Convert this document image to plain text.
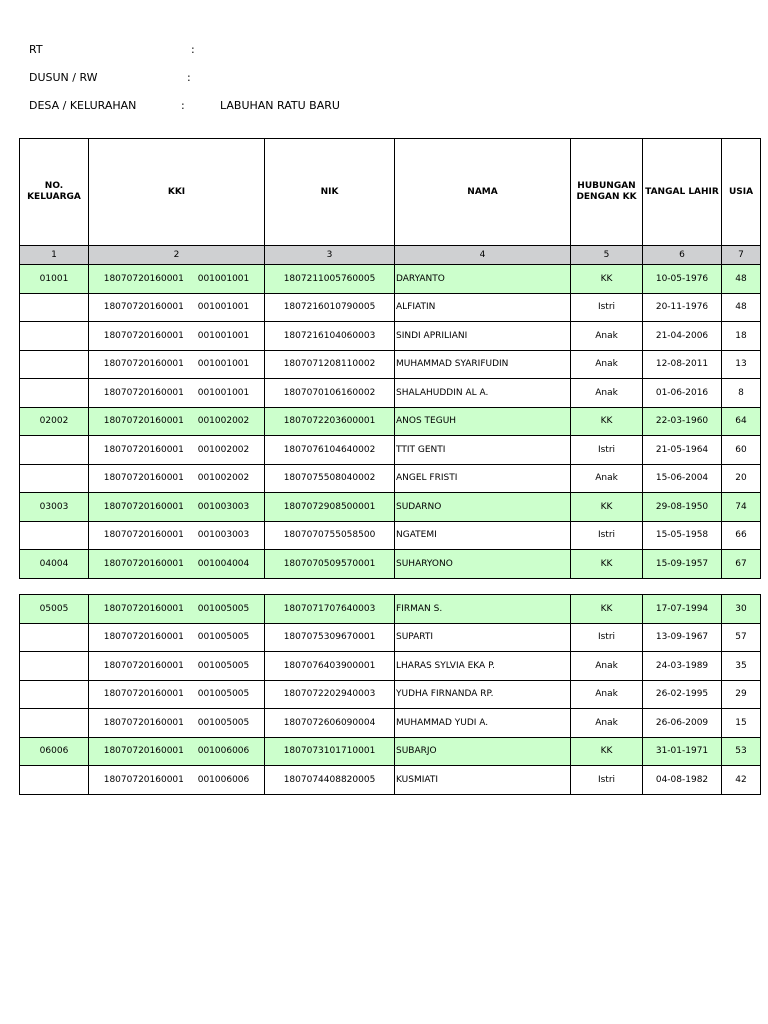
RT	:
DUSUN / RW	:
DESA / KELURAHAN	:	LABUHAN RATU BARU
NO. KELUARGA	KKI	NIK	NAMA	HUBUNGAN DENGAN KK	TANGAL LAHIR	USIA
1	2	3	4	5	6	7
01001	18070720160001 001001001	1807211005760005	DARYANTO	KK	10-05-1976	48
	18070720160001 001001001	1807216010790005	ALFIATIN	Istri	20-11-1976	48
	18070720160001 001001001	1807216104060003	SINDI APRILIANI	Anak	21-04-2006	18
	18070720160001 001001001	1807071208110002	MUHAMMAD SYARIFUDIN	Anak	12-08-2011	13
	18070720160001 001001001	1807070106160002	SHALAHUDDIN AL A.	Anak	01-06-2016	8
02002	18070720160001 001002002	1807072203600001	ANOS TEGUH	KK	22-03-1960	64
	18070720160001 001002002	1807076104640002	TTIT GENTI	Istri	21-05-1964	60
	18070720160001 001002002	1807075508040002	ANGEL FRISTI	Anak	15-06-2004	20
03003	18070720160001 001003003	1807072908500001	SUDARNO	KK	29-08-1950	74
	18070720160001 001003003	1807070755058500	NGATEMI	Istri	15-05-1958	66
04004	18070720160001 001004004	1807070509570001	SUHARYONO	KK	15-09-1957	67
05005	18070720160001 001005005	1807071707640003	FIRMAN S.	KK	17-07-1994	30
	18070720160001 001005005	1807075309670001	SUPARTI	Istri	13-09-1967	57
	18070720160001 001005005	1807076403900001	LHARAS SYLVIA EKA P.	Anak	24-03-1989	35
	18070720160001 001005005	1807072202940003	YUDHA FIRNANDA RP.	Anak	26-02-1995	29
	18070720160001 001005005	1807072606090004	MUHAMMAD YUDI A.	Anak	26-06-2009	15
06006	18070720160001 001006006	1807073101710001	SUBARJO	KK	31-01-1971	53
	18070720160001 001006006	1807074408820005	KUSMIATI	Istri	04-08-1982	42
